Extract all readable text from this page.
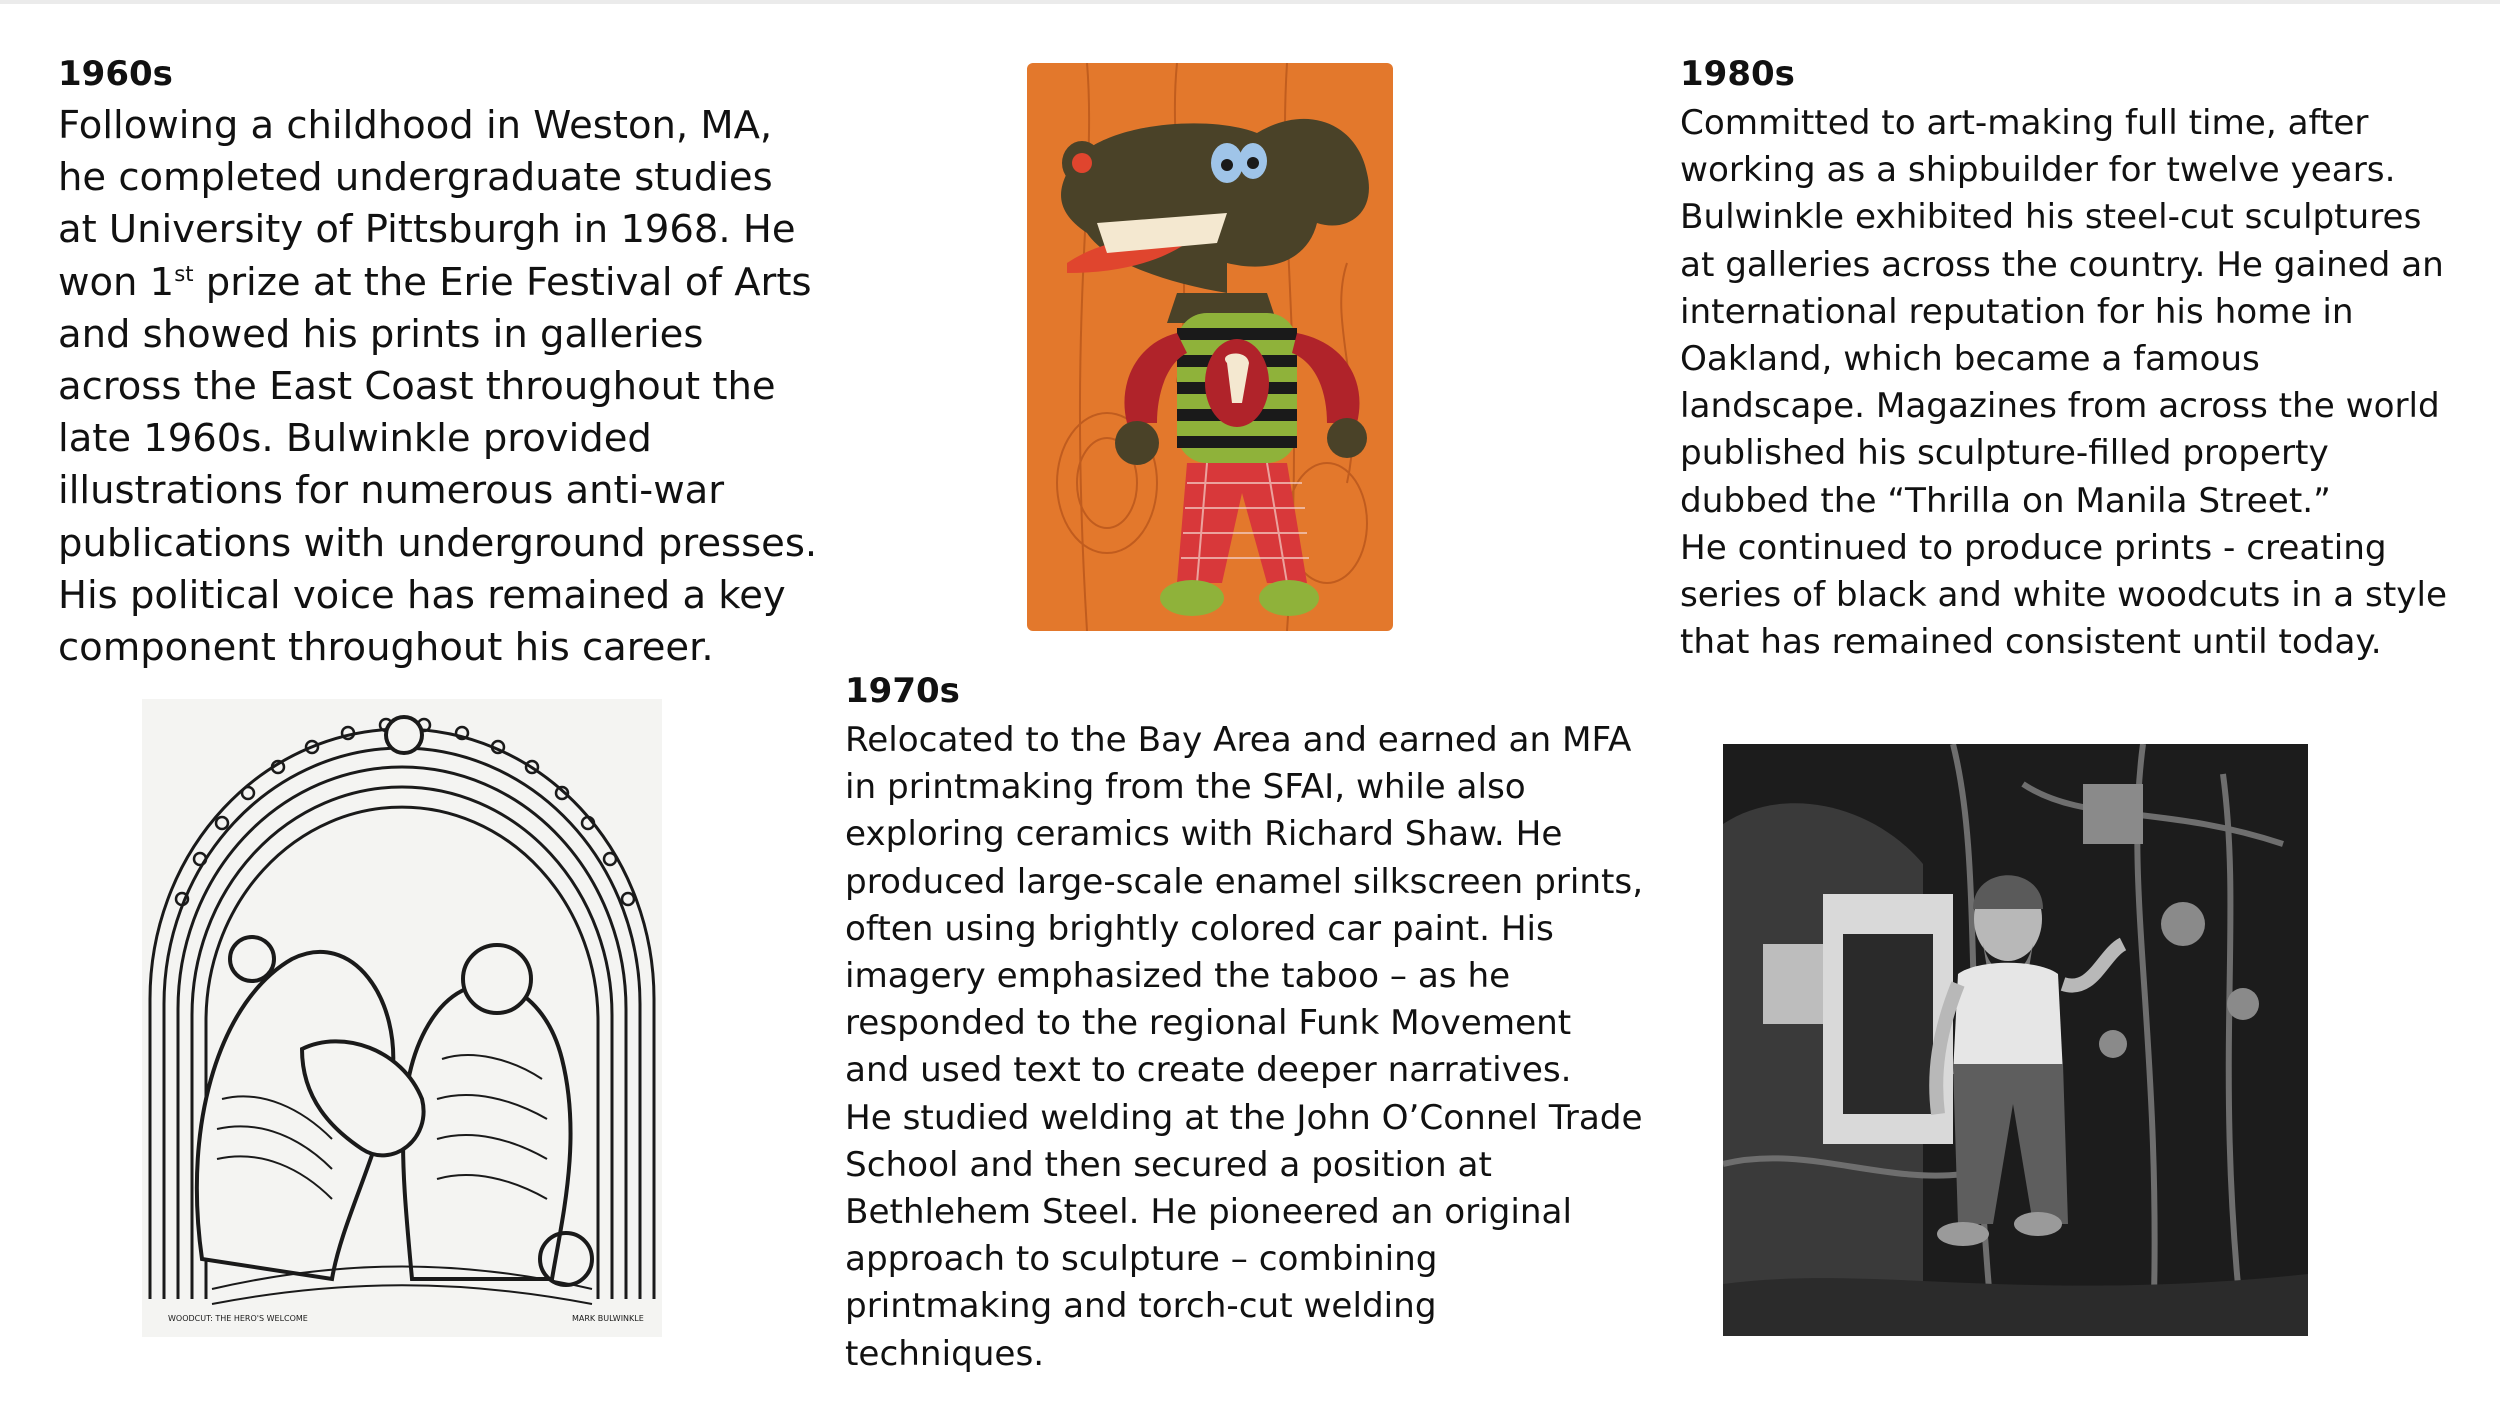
1960s

Following a childhood in Weston, MA, he completed undergraduate studies at University of Pittsburgh in 1968. He won 1st prize at the Erie Festival of Arts and showed his prints in galleries across the East Coast throughout the late 1960s. Bulwinkle provided illustrations for numerous anti-war publications with underground presses. His political voice has remained a key component throughout his career.

WOODCUT: THE HERO'S WELCOME	MARK BULWINKLE
1970s

Relocated to the Bay Area and earned an MFA in printmaking from the SFAI, while also exploring ceramics with Richard Shaw. He produced large-scale enamel silkscreen prints, often using brightly colored car paint. His imagery emphasized the taboo – as he responded to the regional Funk Movement and used text to create deeper narratives.

He studied welding at the John O’Connel Trade School and then secured a position at Bethlehem Steel. He pioneered an original approach to sculpture – combining printmaking and torch-cut welding techniques.

1980s

Committed to art-making full time, after working as a shipbuilder for twelve years. Bulwinkle exhibited his steel-cut sculptures at galleries across the country. He gained an international reputation for his home in Oakland, which became a famous landscape. Magazines from across the world published his sculpture-filled property dubbed the “Thrilla on Manila Street.”

He continued to produce prints - creating series of black and white woodcuts in a style that has remained consistent until today.
